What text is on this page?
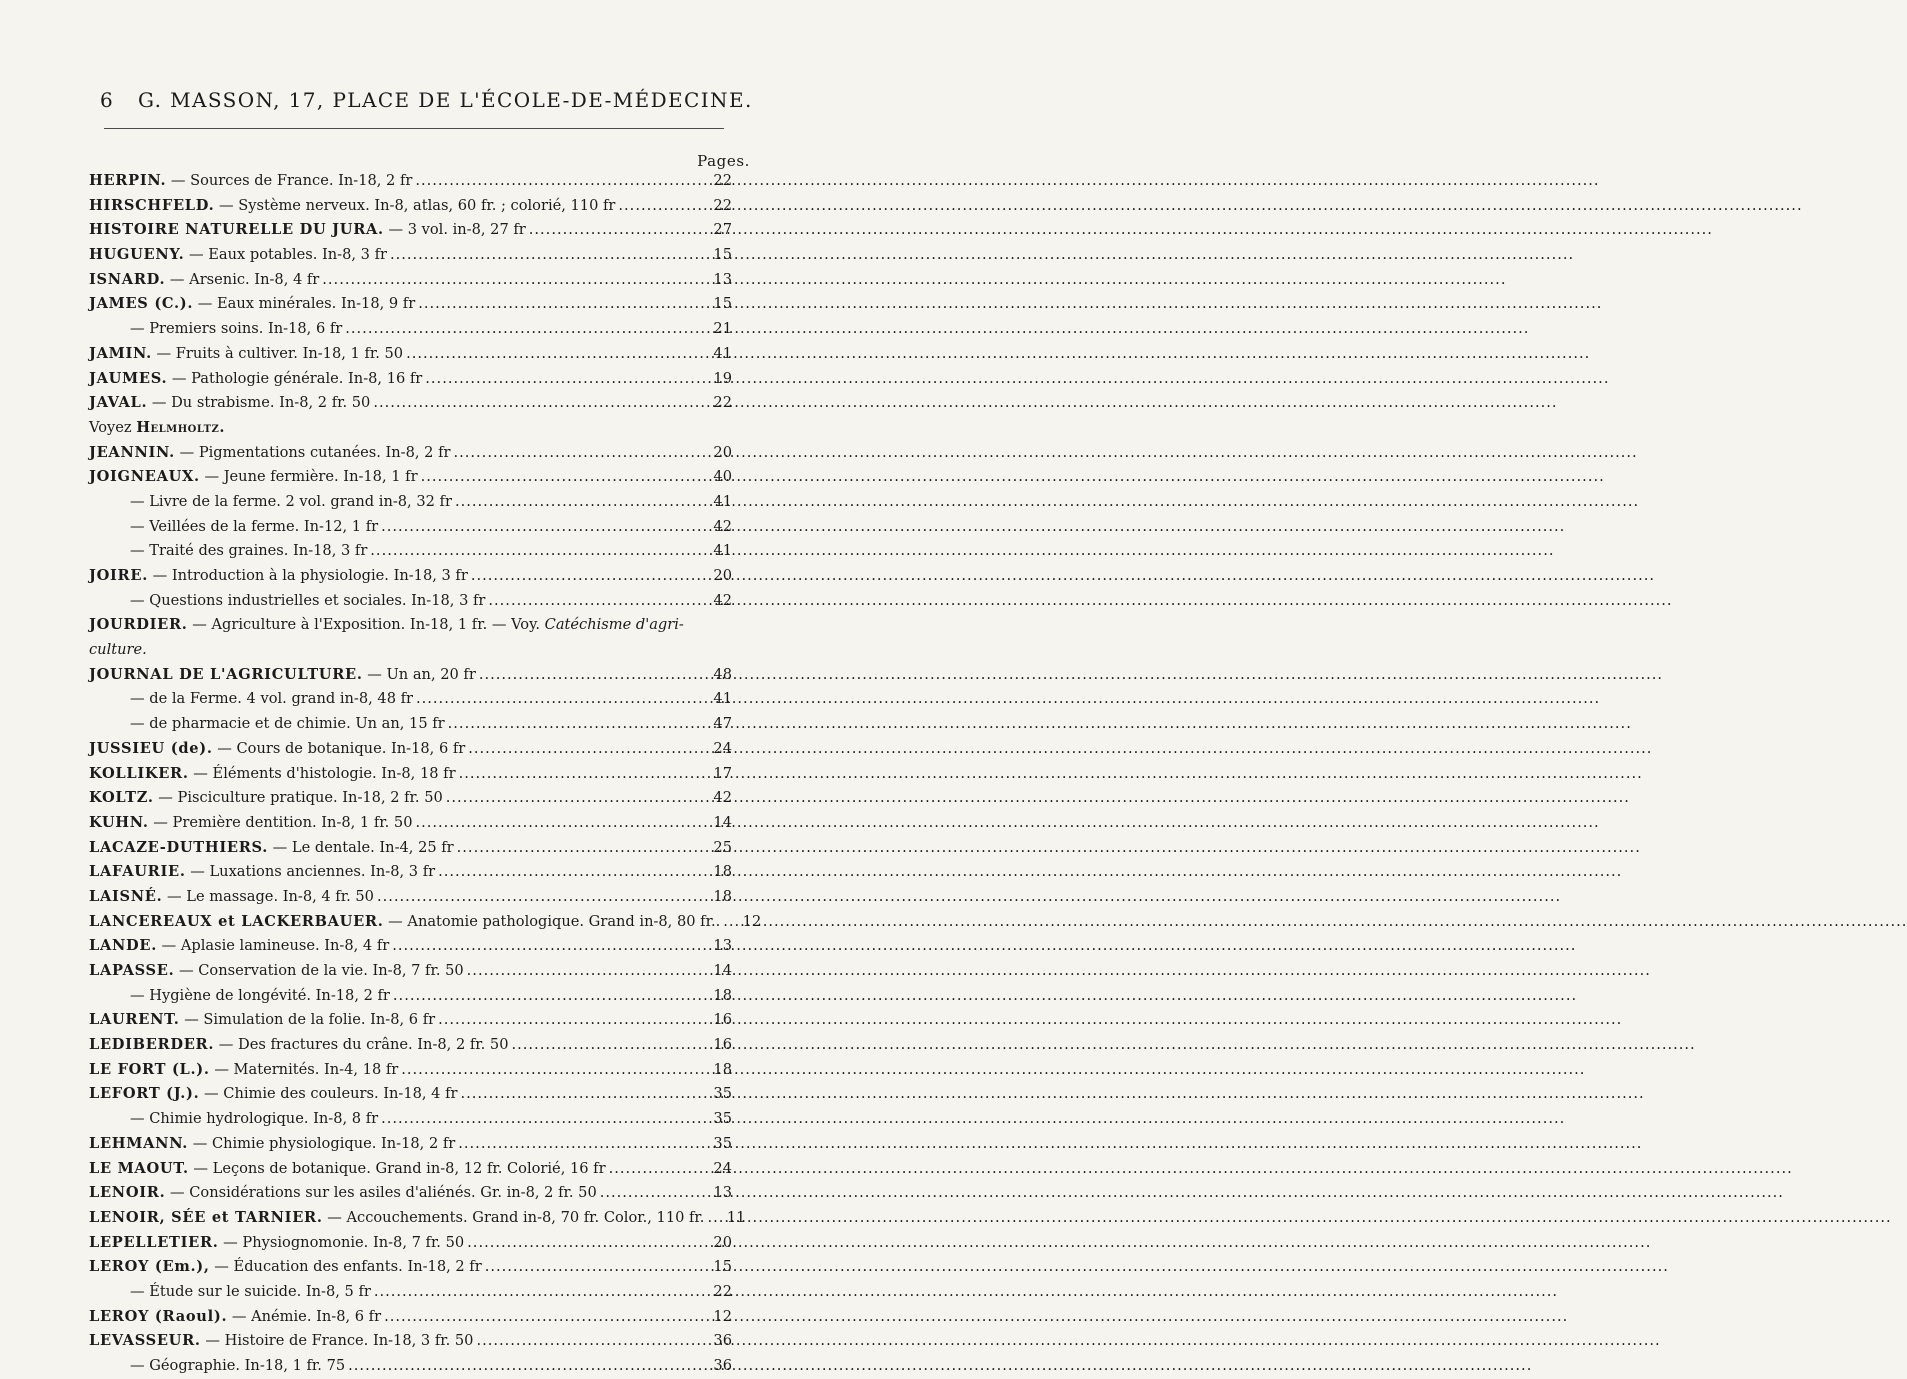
6 G. MASSON, 17, PLACE DE L'ÉCOLE-DE-MÉDECINE.
Pages.
HERPIN. — Sources de France. In-18, 2 fr .....	22
HIRSCHFELD. — Système nerveux. In-8, atlas, 60 fr. ; colorié, 110 fr .....	22
HISTOIRE NATURELLE DU JURA. — 3 vol. in-8, 27 fr .....	27
HUGUENY. — Eaux potables. In-8, 3 fr .....	15
ISNARD. — Arsenic. In-8, 4 fr .....	13
JAMES (C.). — Eaux minérales. In-18, 9 fr .....	15
— Premiers soins. In-18, 6 fr .....	21
JAMIN. — Fruits à cultiver. In-18, 1 fr. 50 .....	41
JAUMES. — Pathologie générale. In-8, 16 fr .....	19
JAVAL. — Du strabisme. In-8, 2 fr. 50 .....	22
Voyez Helmholtz.
JEANNIN. — Pigmentations cutanées. In-8, 2 fr .....	20
JOIGNEAUX. — Jeune fermière. In-18, 1 fr .....	40
— Livre de la ferme. 2 vol. grand in-8, 32 fr .....	41
— Veillées de la ferme. In-12, 1 fr .....	42
— Traité des graines. In-18, 3 fr .....	41
JOIRE. — Introduction à la physiologie. In-18, 3 fr .....	20
— Questions industrielles et sociales. In-18, 3 fr .....	42
JOURDIER. — Agriculture à l'Exposition. In-18, 1 fr. — Voy. Catéchisme d'agri-
culture.
JOURNAL DE L'AGRICULTURE. — Un an, 20 fr .....	48
— de la Ferme. 4 vol. grand in-8, 48 fr .....	41
— de pharmacie et de chimie. Un an, 15 fr .....	47
JUSSIEU (de). — Cours de botanique. In-18, 6 fr .....	24
KOLLIKER. — Éléments d'histologie. In-8, 18 fr .....	17
KOLTZ. — Pisciculture pratique. In-18, 2 fr. 50 .....	42
KUHN. — Première dentition. In-8, 1 fr. 50 .....	14
LACAZE-DUTHIERS. — Le dentale. In-4, 25 fr .....	25
LAFAURIE. — Luxations anciennes. In-8, 3 fr .....	18
LAISNÉ. — Le massage. In-8, 4 fr. 50 .....	18
LANCEREAUX et LACKERBAUER. — Anatomie pathologique. Grand in-8, 80 fr.. .....	12
LANDE. — Aplasie lamineuse. In-8, 4 fr .....	13
LAPASSE. — Conservation de la vie. In-8, 7 fr. 50 .....	14
— Hygiène de longévité. In-18, 2 fr .....	18
LAURENT. — Simulation de la folie. In-8, 6 fr .....	16
LEDIBERDER. — Des fractures du crâne. In-8, 2 fr. 50 .....	16
LE FORT (L.). — Maternités. In-4, 18 fr .....	18
LEFORT (J.). — Chimie des couleurs. In-18, 4 fr .....	35
— Chimie hydrologique. In-8, 8 fr .....	35
LEHMANN. — Chimie physiologique. In-18, 2 fr .....	35
LE MAOUT. — Leçons de botanique. Grand in-8, 12 fr. Colorié, 16 fr .....	24
LENOIR. — Considérations sur les asiles d'aliénés. Gr. in-8, 2 fr. 50 .....	13
LENOIR, SÉE et TARNIER. — Accouchements. Grand in-8, 70 fr. Color., 110 fr. .....	11
LEPELLETIER. — Physiognomonie. In-8, 7 fr. 50 .....	20
LEROY (Em.), — Éducation des enfants. In-18, 2 fr .....	15
— Étude sur le suicide. In-8, 5 fr .....	22
LEROY (Raoul). — Anémie. In-8, 6 fr .....	12
LEVASSEUR. — Histoire de France. In-18, 3 fr. 50 .....	36
— Géographie. In-18, 1 fr. 75 .....	36
